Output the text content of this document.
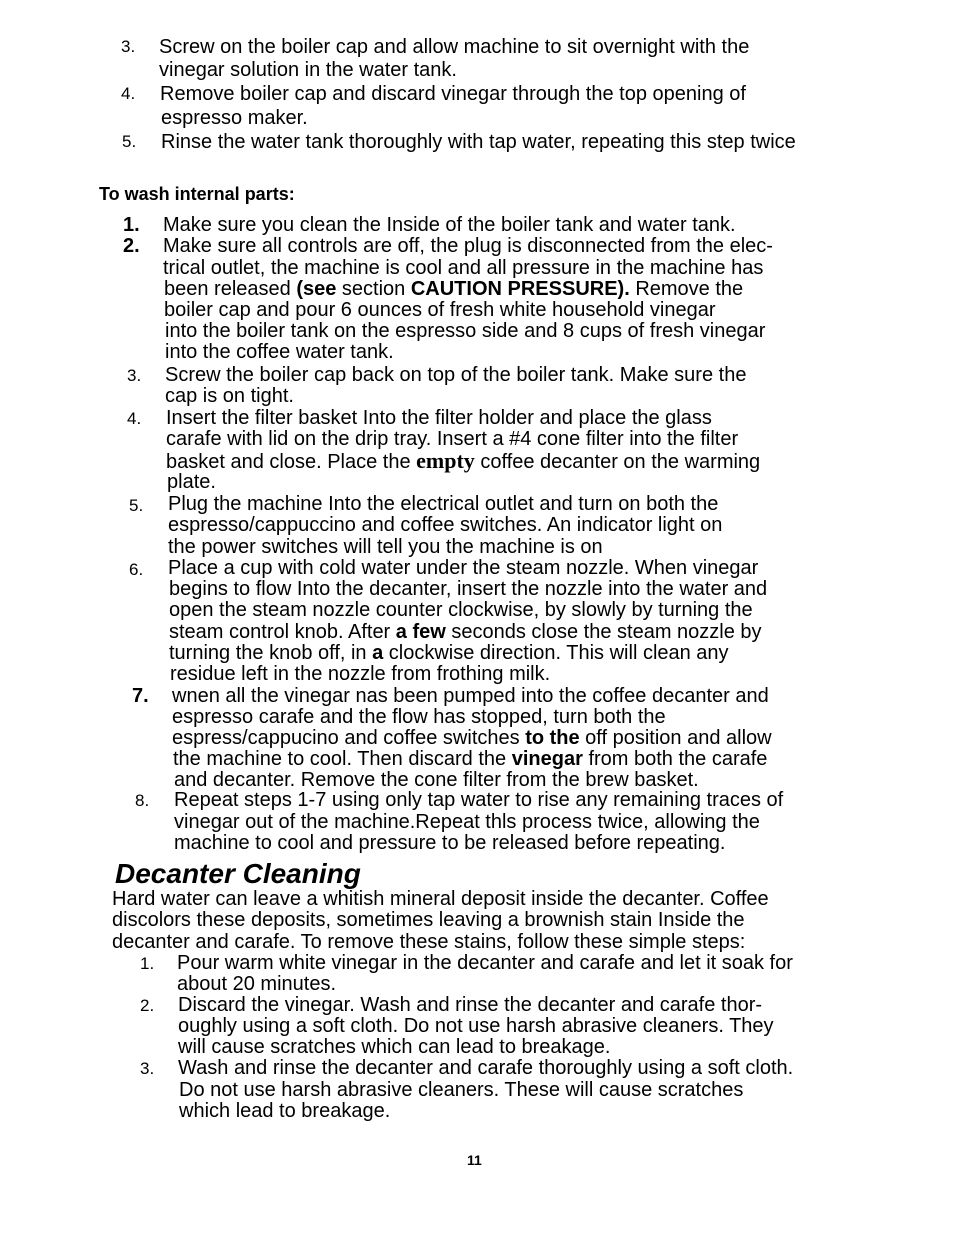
3. Screw on the boiler cap and allow machine to sit overnight with the
vinegar solution in the water tank.
4. Remove boiler cap and discard vinegar through the top opening of
espresso maker.
5. Rinse the water tank thoroughly with tap water, repeating this step twice
To wash internal parts:
1. Make sure you clean the Inside of the boiler tank and water tank.
2. Make sure all controls are off, the plug is disconnected from the elec-
trical outlet, the machine is cool and all pressure in the machine has
been released (see section CAUTION PRESSURE). Remove the
boiler cap and pour 6 ounces of fresh white household vinegar
into the boiler tank on the espresso side and 8 cups of fresh vinegar
into the coffee water tank.
3. Screw the boiler cap back on top of the boiler tank. Make sure the
cap is on tight.
4. Insert the filter basket Into the filter holder and place the glass
carafe with lid on the drip tray. Insert a #4 cone filter into the filter
basket and close. Place the empty coffee decanter on the warming
plate.
5. Plug the machine Into the electrical outlet and turn on both the
espresso/cappuccino and coffee switches. An indicator light on
the power switches will tell you the machine is on
6. Place a cup with cold water under the steam nozzle. When vinegar
begins to flow Into the decanter, insert the nozzle into the water and
open the steam nozzle counter clockwise, by slowly by turning the
steam control knob. After a few seconds close the steam nozzle by
turning the knob off, in a clockwise direction. This will clean any
residue left in the nozzle from frothing milk.
7. wnen all the vinegar nas been pumped into the coffee decanter and
espresso carafe and the flow has stopped, turn both the
espress/cappucino and coffee switches to the off position and allow
the machine to cool. Then discard the vinegar from both the carafe
and decanter. Remove the cone filter from the brew basket.
8. Repeat steps 1-7 using only tap water to rise any remaining traces of
vinegar out of the machine.Repeat thls process twice, allowing the
machine to cool and pressure to be released before repeating.
Decanter Cleaning
Hard water can leave a whitish mineral deposit inside the decanter. Coffee
discolors these deposits, sometimes leaving a brownish stain Inside the
decanter and carafe. To remove these stains, follow these simple steps:
1. Pour warm white vinegar in the decanter and carafe and let it soak for
about 20 minutes.
2. Discard the vinegar. Wash and rinse the decanter and carafe thor-
oughly using a soft cloth. Do not use harsh abrasive cleaners. They
will cause scratches which can lead to breakage.
3. Wash and rinse the decanter and carafe thoroughly using a soft cloth.
Do not use harsh abrasive cleaners. These will cause scratches
which lead to breakage.
11
